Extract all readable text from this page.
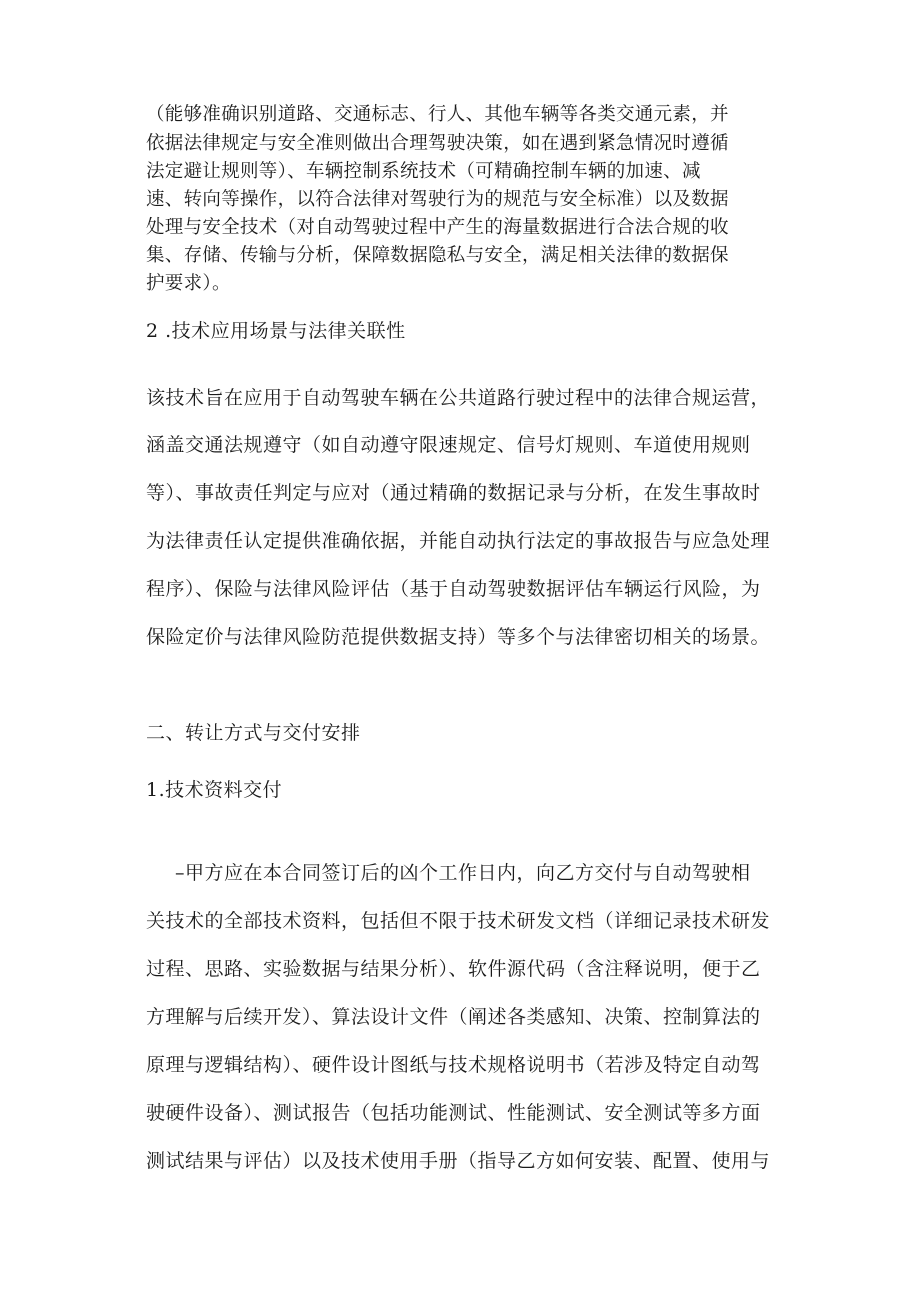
（能够准确识别道路、交通标志、行人、其他车辆等各类交通元素，并

依据法律规定与安全准则做出合理驾驶决策，如在遇到紧急情况时遵循

法定避让规则等）、车辆控制系统技术（可精确控制车辆的加速、减

速、转向等操作，以符合法律对驾驶行为的规范与安全标准）以及数据

处理与安全技术（对自动驾驶过程中产生的海量数据进行合法合规的收

集、存储、传输与分析，保障数据隐私与安全，满足相关法律的数据保

护要求）。

2 .技术应用场景与法律关联性

该技术旨在应用于自动驾驶车辆在公共道路行驶过程中的法律合规运营，

涵盖交通法规遵守（如自动遵守限速规定、信号灯规则、车道使用规则

等）、事故责任判定与应对（通过精确的数据记录与分析，在发生事故时

为法律责任认定提供准确依据，并能自动执行法定的事故报告与应急处理

程序）、保险与法律风险评估（基于自动驾驶数据评估车辆运行风险，为

保险定价与法律风险防范提供数据支持）等多个与法律密切相关的场景。

二、转让方式与交付安排

1.技术资料交付

–甲方应在本合同签订后的凶个工作日内，向乙方交付与自动驾驶相

关技术的全部技术资料，包括但不限于技术研发文档（详细记录技术研发

过程、思路、实验数据与结果分析）、软件源代码（含注释说明，便于乙

方理解与后续开发）、算法设计文件（阐述各类感知、决策、控制算法的

原理与逻辑结构）、硬件设计图纸与技术规格说明书（若涉及特定自动驾

驶硬件设备）、测试报告（包括功能测试、性能测试、安全测试等多方面

测试结果与评估）以及技术使用手册（指导乙方如何安装、配置、使用与
